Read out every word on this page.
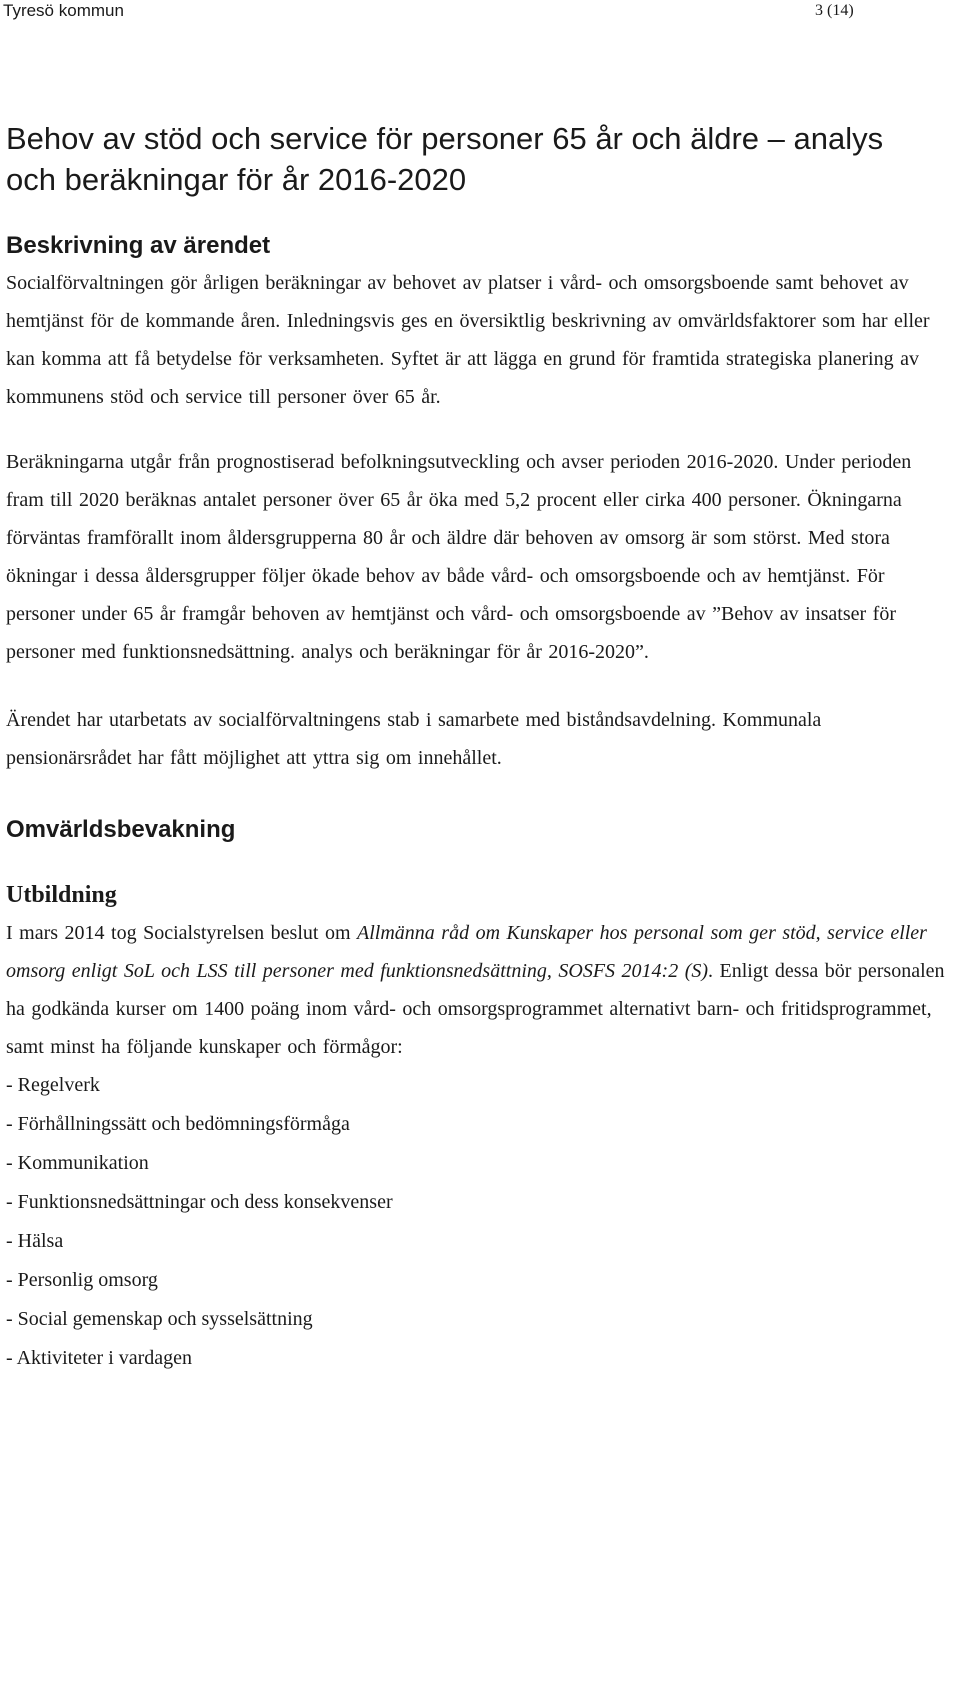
Tyresö kommun	3 (14)
Behov av stöd och service för personer 65 år och äldre – analys och beräkningar för år 2016-2020
Beskrivning av ärendet

Socialförvaltningen gör årligen beräkningar av behovet av platser i vård- och omsorgsboende samt behovet av hemtjänst för de kommande åren. Inledningsvis ges en översiktlig beskrivning av omvärldsfaktorer som har eller kan komma att få betydelse för verksamheten. Syftet är att lägga en grund för framtida strategiska planering av kommunens stöd och service till personer över 65 år.

Beräkningarna utgår från prognostiserad befolkningsutveckling och avser perioden 2016-2020. Under perioden fram till 2020 beräknas antalet personer över 65 år öka med 5,2 procent eller cirka 400 personer. Ökningarna förväntas framförallt inom åldersgrupperna 80 år och äldre där behoven av omsorg är som störst. Med stora ökningar i dessa åldersgrupper följer ökade behov av både vård- och omsorgsboende och av hemtjänst. För personer under 65 år framgår behoven av hemtjänst och vård- och omsorgsboende av ”Behov av insatser för personer med funktionsnedsättning. analys och beräkningar för år 2016-2020”.

Ärendet har utarbetats av socialförvaltningens stab i samarbete med biståndsavdelning. Kommunala pensionärsrådet har fått möjlighet att yttra sig om innehållet.

Omvärldsbevakning
Utbildning

I mars 2014 tog Socialstyrelsen beslut om Allmänna råd om Kunskaper hos personal som ger stöd, service eller omsorg enligt SoL och LSS till personer med funktionsnedsättning, SOSFS 2014:2 (S). Enligt dessa bör personalen ha godkända kurser om 1400 poäng inom vård- och omsorgsprogrammet alternativt barn- och fritidsprogrammet, samt minst ha följande kunskaper och förmågor:

- Regelverk
- Förhållningssätt och bedömningsförmåga
- Kommunikation
- Funktionsnedsättningar och dess konsekvenser
- Hälsa
- Personlig omsorg
- Social gemenskap och sysselsättning
- Aktiviteter i vardagen
